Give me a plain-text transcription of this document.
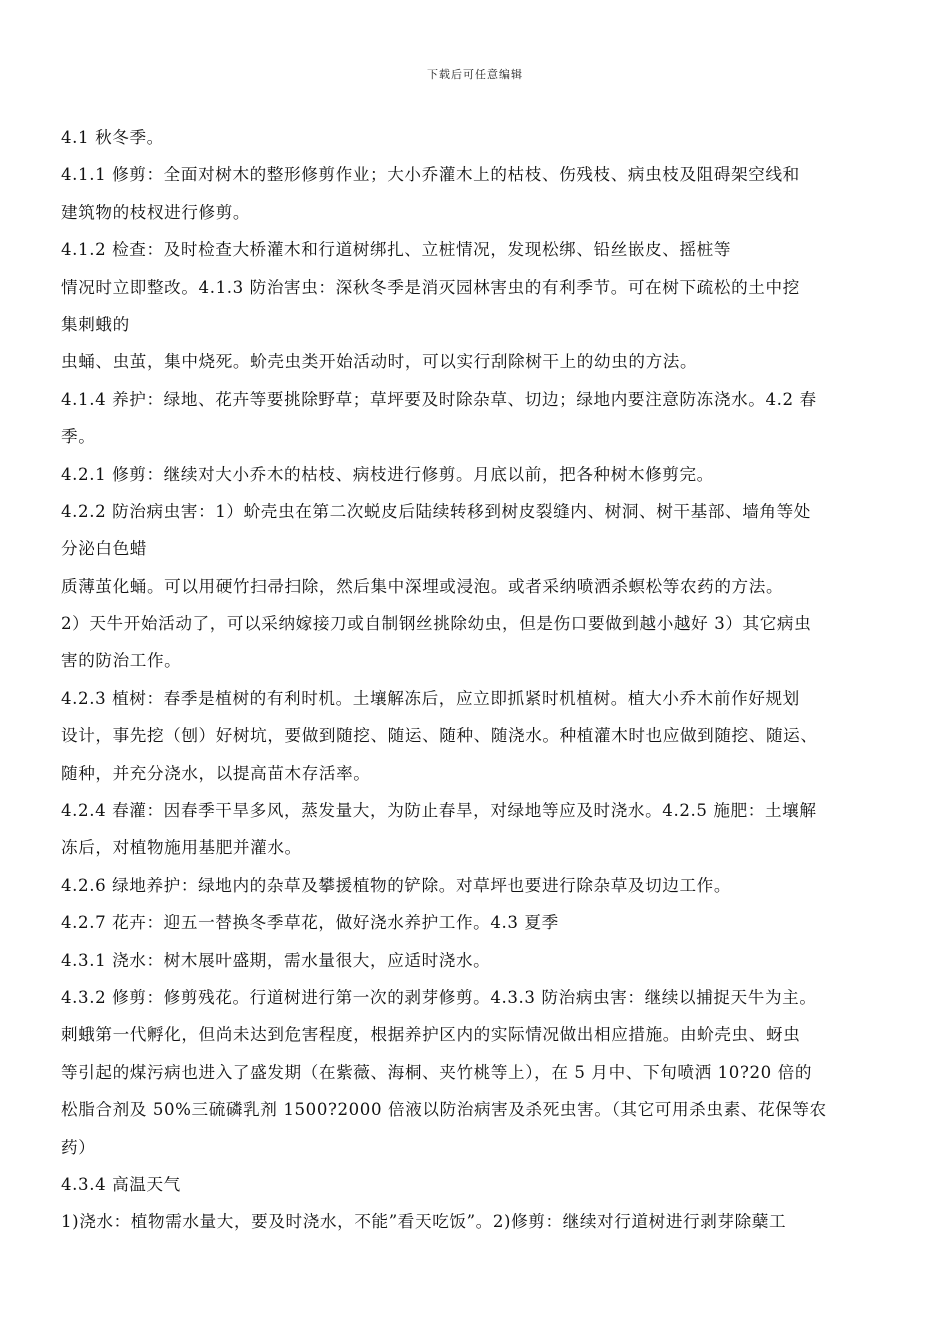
下载后可任意编辑
4.1 秋冬季。
4.1.1 修剪：全面对树木的整形修剪作业；大小乔灌木上的枯枝、伤残枝、病虫枝及阻碍架空线和
建筑物的枝杈进行修剪。
4.1.2 检查：及时检查大桥灌木和行道树绑扎、立桩情况，发现松绑、铅丝嵌皮、摇桩等
情况时立即整改。4.1.3 防治害虫：深秋冬季是消灭园林害虫的有利季节。可在树下疏松的土中挖
集刺蛾的
虫蛹、虫茧，集中烧死。蚧壳虫类开始活动时，可以实行刮除树干上的幼虫的方法。
4.1.4 养护：绿地、花卉等要挑除野草；草坪要及时除杂草、切边；绿地内要注意防冻浇水。4.2 春
季。
4.2.1 修剪：继续对大小乔木的枯枝、病枝进行修剪。月底以前，把各种树木修剪完。
4.2.2 防治病虫害：1）蚧壳虫在第二次蜕皮后陆续转移到树皮裂缝内、树洞、树干基部、墙角等处
分泌白色蜡
质薄茧化蛹。可以用硬竹扫帚扫除，然后集中深埋或浸泡。或者采纳喷洒杀螟松等农药的方法。
2）天牛开始活动了，可以采纳嫁接刀或自制钢丝挑除幼虫，但是伤口要做到越小越好 3）其它病虫
害的防治工作。
4.2.3 植树：春季是植树的有利时机。土壤解冻后，应立即抓紧时机植树。植大小乔木前作好规划
设计，事先挖（刨）好树坑，要做到随挖、随运、随种、随浇水。种植灌木时也应做到随挖、随运、
随种，并充分浇水，以提高苗木存活率。
4.2.4 春灌：因春季干旱多风，蒸发量大，为防止春旱，对绿地等应及时浇水。4.2.5 施肥：土壤解
冻后，对植物施用基肥并灌水。
4.2.6 绿地养护：绿地内的杂草及攀援植物的铲除。对草坪也要进行除杂草及切边工作。
4.2.7 花卉：迎五一替换冬季草花，做好浇水养护工作。4.3 夏季
4.3.1 浇水：树木展叶盛期，需水量很大，应适时浇水。
4.3.2 修剪：修剪残花。行道树进行第一次的剥芽修剪。4.3.3 防治病虫害：继续以捕捉天牛为主。
刺蛾第一代孵化，但尚未达到危害程度，根据养护区内的实际情况做出相应措施。由蚧壳虫、蚜虫
等引起的煤污病也进入了盛发期（在紫薇、海桐、夹竹桃等上），在 5 月中、下旬喷洒 10?20 倍的
松脂合剂及 50%三硫磷乳剂 1500?2000 倍液以防治病害及杀死虫害。（其它可用杀虫素、花保等农
药）
4.3.4 高温天气
1)浇水：植物需水量大，要及时浇水，不能”看天吃饭”。2)修剪：继续对行道树进行剥芽除蘖工
